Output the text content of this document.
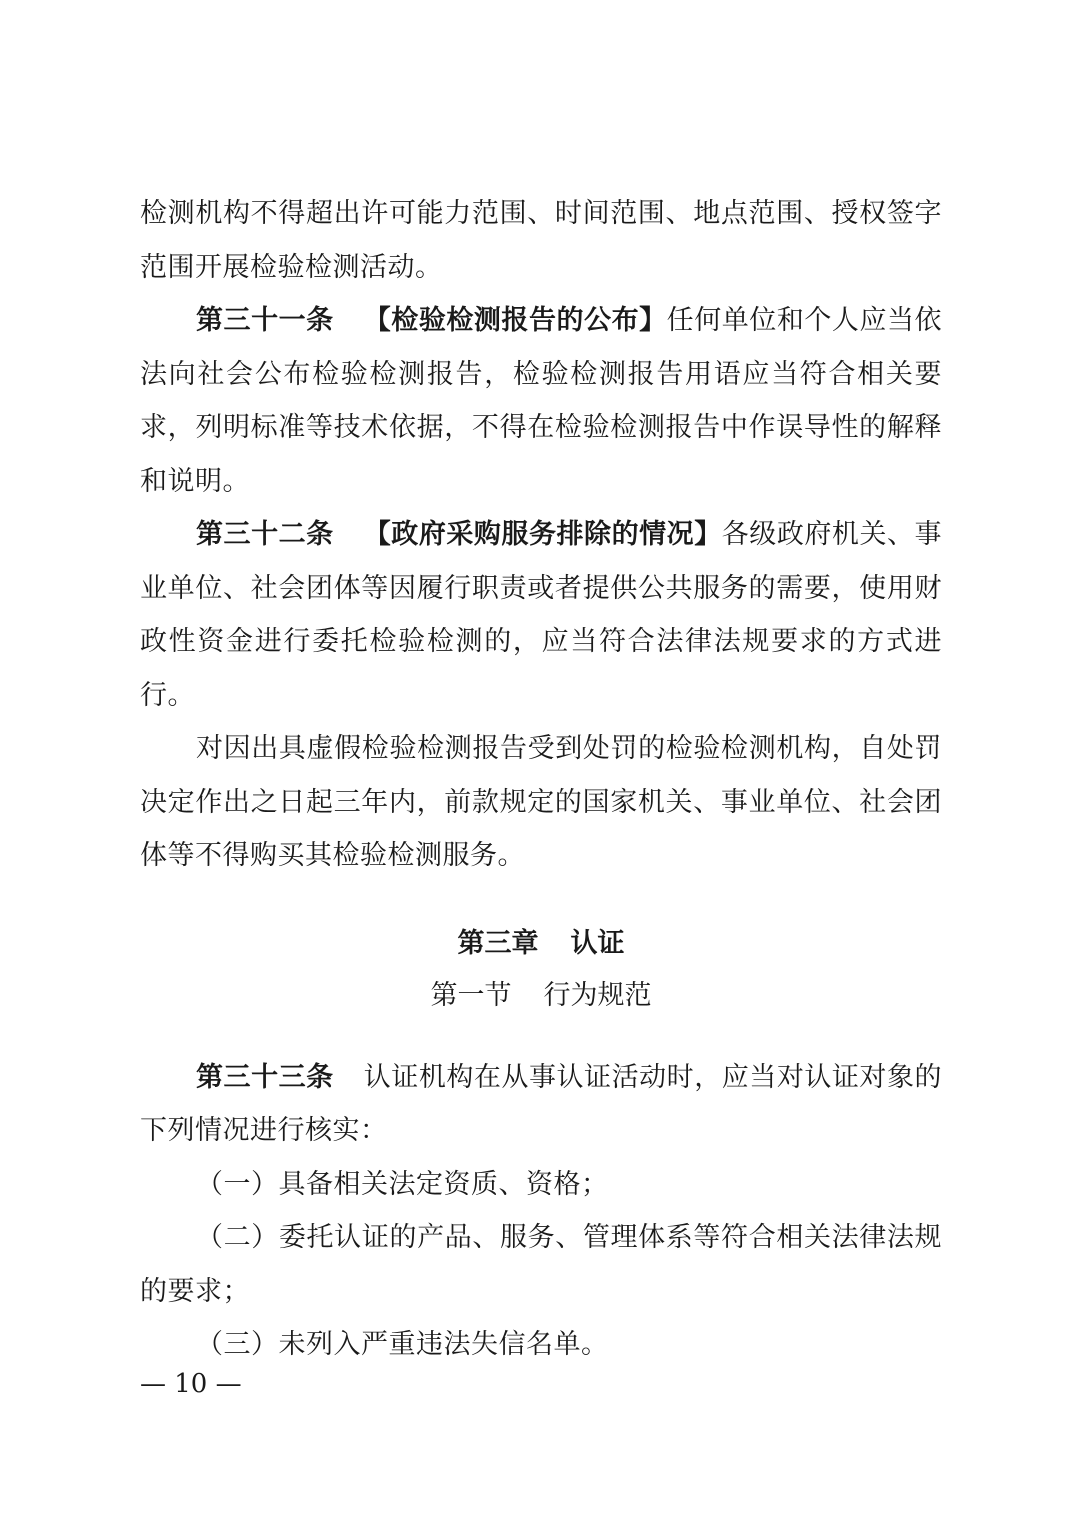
检测机构不得超出许可能力范围、时间范围、地点范围、授权签字范围开展检验检测活动。

第三十一条 【检验检测报告的公布】任何单位和个人应当依法向社会公布检验检测报告，检验检测报告用语应当符合相关要求，列明标准等技术依据，不得在检验检测报告中作误导性的解释和说明。

第三十二条 【政府采购服务排除的情况】各级政府机关、事业单位、社会团体等因履行职责或者提供公共服务的需要，使用财政性资金进行委托检验检测的，应当符合法律法规要求的方式进行。

对因出具虚假检验检测报告受到处罚的检验检测机构，自处罚决定作出之日起三年内，前款规定的国家机关、事业单位、社会团体等不得购买其检验检测服务。

第三章 认证
第一节 行为规范

第三十三条 认证机构在从事认证活动时，应当对认证对象的下列情况进行核实：

（一）具备相关法定资质、资格；

（二）委托认证的产品、服务、管理体系等符合相关法律法规的要求；

（三）未列入严重违法失信名单。

— 10 —
